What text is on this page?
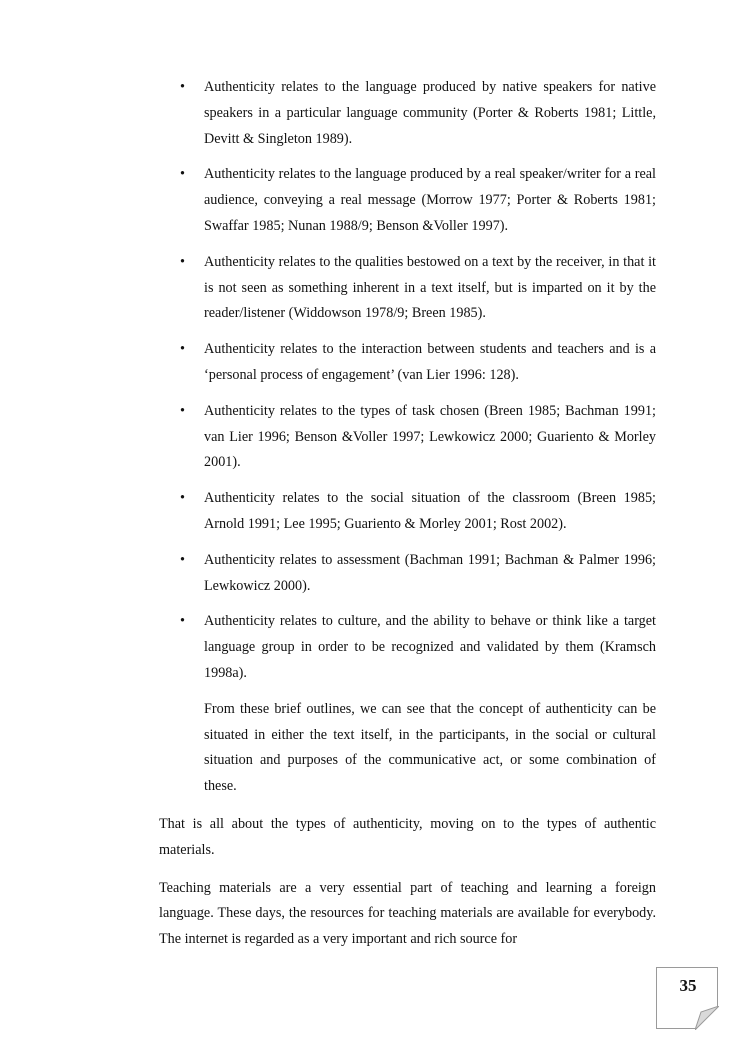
• Authenticity relates to the language produced by native speakers for native speakers in a particular language community (Porter & Roberts 1981; Little, Devitt & Singleton 1989).
• Authenticity relates to the language produced by a real speaker/writer for a real audience, conveying a real message (Morrow 1977; Porter & Roberts 1981; Swaffar 1985; Nunan 1988/9; Benson &Voller 1997).
• Authenticity relates to the qualities bestowed on a text by the receiver, in that it is not seen as something inherent in a text itself, but is imparted on it by the reader/listener (Widdowson 1978/9; Breen 1985).
• Authenticity relates to the interaction between students and teachers and is a ‘personal process of engagement’ (van Lier 1996: 128).
• Authenticity relates to the types of task chosen (Breen 1985; Bachman 1991; van Lier 1996; Benson &Voller 1997; Lewkowicz 2000; Guariento & Morley 2001).
• Authenticity relates to the social situation of the classroom (Breen 1985; Arnold 1991; Lee 1995; Guariento & Morley 2001; Rost 2002).
• Authenticity relates to assessment (Bachman 1991; Bachman & Palmer 1996; Lewkowicz 2000).
• Authenticity relates to culture, and the ability to behave or think like a target language group in order to be recognized and validated by them (Kramsch 1998a).

From these brief outlines, we can see that the concept of authenticity can be situated in either the text itself, in the participants, in the social or cultural situation and purposes of the communicative act, or some combination of these.

That is all about the types of authenticity, moving on to the types of authentic materials.

Teaching materials are a very essential part of teaching and learning a foreign language. These days, the resources for teaching materials are available for everybody. The internet is regarded as a very important and rich source for

35
